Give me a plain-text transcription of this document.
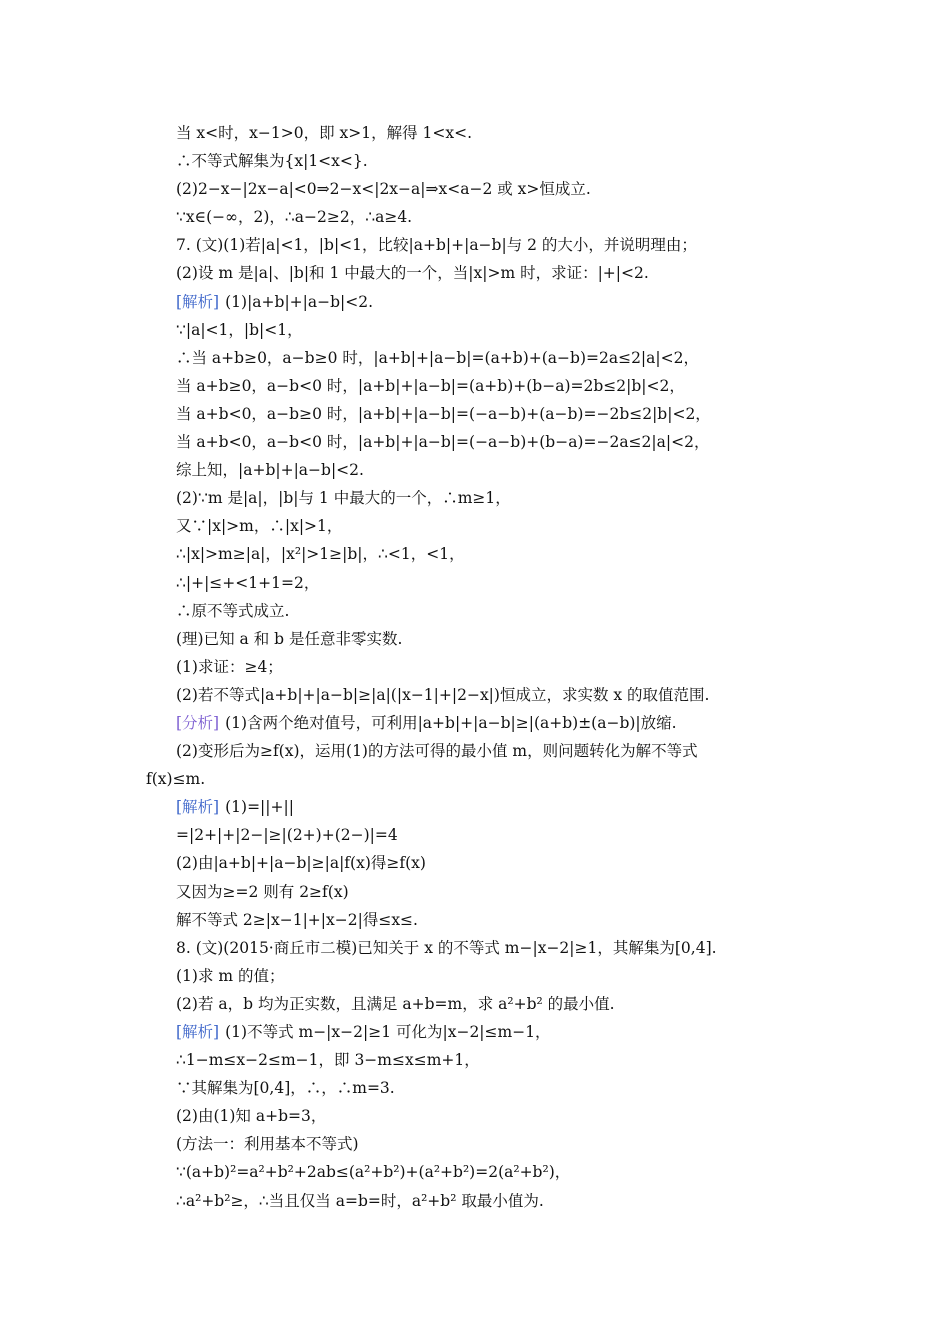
当 x<时，x−1>0，即 x>1，解得 1<x<.
∴不等式解集为{x|1<x<}.
(2)2−x−|2x−a|<0⇒2−x<|2x−a|⇒x<a−2 或 x>恒成立.
∵x∈(−∞，2)，∴a−2≥2，∴a≥4.
7. (文)(1)若|a|<1，|b|<1，比较|a+b|+|a−b|与 2 的大小，并说明理由；
(2)设 m 是|a|、|b|和 1 中最大的一个，当|x|>m 时，求证：|+|<2.
[解析] (1)|a+b|+|a−b|<2.
∵|a|<1，|b|<1，
∴当 a+b≥0，a−b≥0 时，|a+b|+|a−b|=(a+b)+(a−b)=2a≤2|a|<2，
当 a+b≥0，a−b<0 时，|a+b|+|a−b|=(a+b)+(b−a)=2b≤2|b|<2，
当 a+b<0，a−b≥0 时，|a+b|+|a−b|=(−a−b)+(a−b)=−2b≤2|b|<2，
当 a+b<0，a−b<0 时，|a+b|+|a−b|=(−a−b)+(b−a)=−2a≤2|a|<2，
综上知，|a+b|+|a−b|<2.
(2)∵m 是|a|，|b|与 1 中最大的一个，∴m≥1，
又∵|x|>m，∴|x|>1，
∴|x|>m≥|a|，|x²|>1≥|b|，∴<1，<1，
∴|+|≤+<1+1=2，
∴原不等式成立.
(理)已知 a 和 b 是任意非零实数.
(1)求证：≥4；
(2)若不等式|a+b|+|a−b|≥|a|(|x−1|+|2−x|)恒成立，求实数 x 的取值范围.
[分析] (1)含两个绝对值号，可利用|a+b|+|a−b|≥|(a+b)±(a−b)|放缩.
(2)变形后为≥f(x)，运用(1)的方法可得的最小值 m，则问题转化为解不等式
f(x)≤m.
[解析] (1)=||+||
=|2+|+|2−|≥|(2+)+(2−)|=4
(2)由|a+b|+|a−b|≥|a|f(x)得≥f(x)
又因为≥=2 则有 2≥f(x)
解不等式 2≥|x−1|+|x−2|得≤x≤.
8. (文)(2015·商丘市二模)已知关于 x 的不等式 m−|x−2|≥1，其解集为[0,4].
(1)求 m 的值；
(2)若 a，b 均为正实数，且满足 a+b=m，求 a²+b² 的最小值.
[解析] (1)不等式 m−|x−2|≥1 可化为|x−2|≤m−1，
∴1−m≤x−2≤m−1，即 3−m≤x≤m+1，
∵其解集为[0,4]，∴，∴m=3.
(2)由(1)知 a+b=3，
(方法一：利用基本不等式)
∵(a+b)²=a²+b²+2ab≤(a²+b²)+(a²+b²)=2(a²+b²)，
∴a²+b²≥，∴当且仅当 a=b=时，a²+b² 取最小值为.
